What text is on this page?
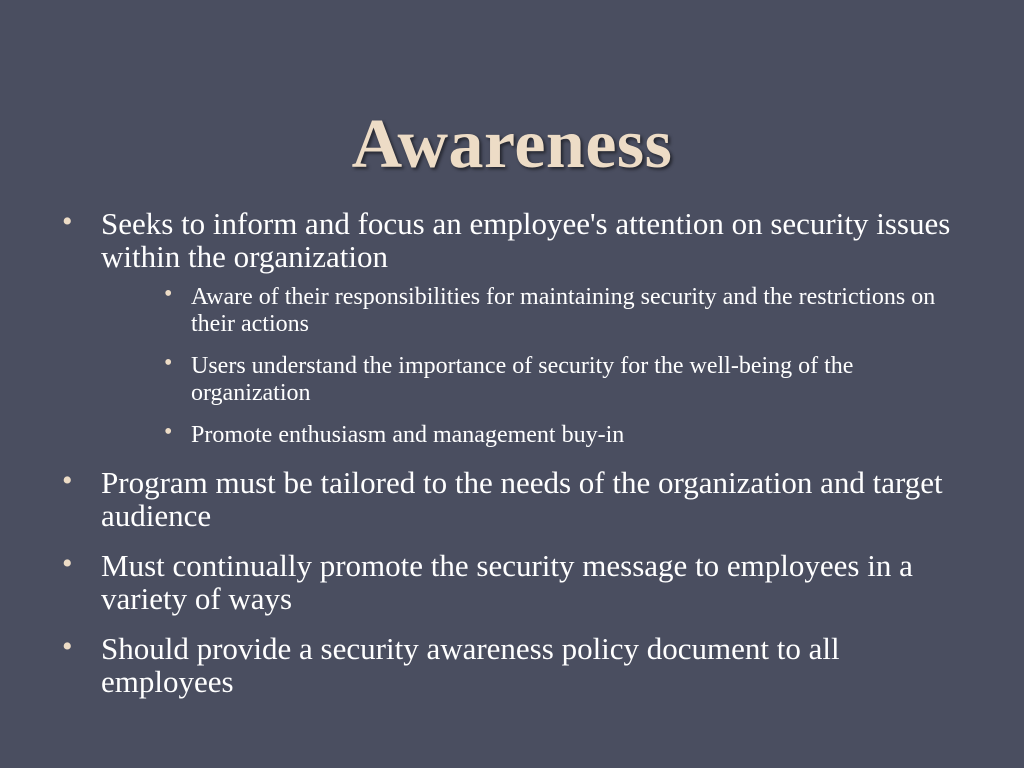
Awareness
• Seeks to inform and focus an employee's attention on security issues within the organization
• Aware of their responsibilities for maintaining security and the restrictions on their actions
• Users understand the importance of security for the well-being of the organization
• Promote enthusiasm and management buy-in
• Program must be tailored to the needs of the organization and target audience
• Must continually promote the security message to employees in a variety of ways
• Should provide a security awareness policy document to all employees
